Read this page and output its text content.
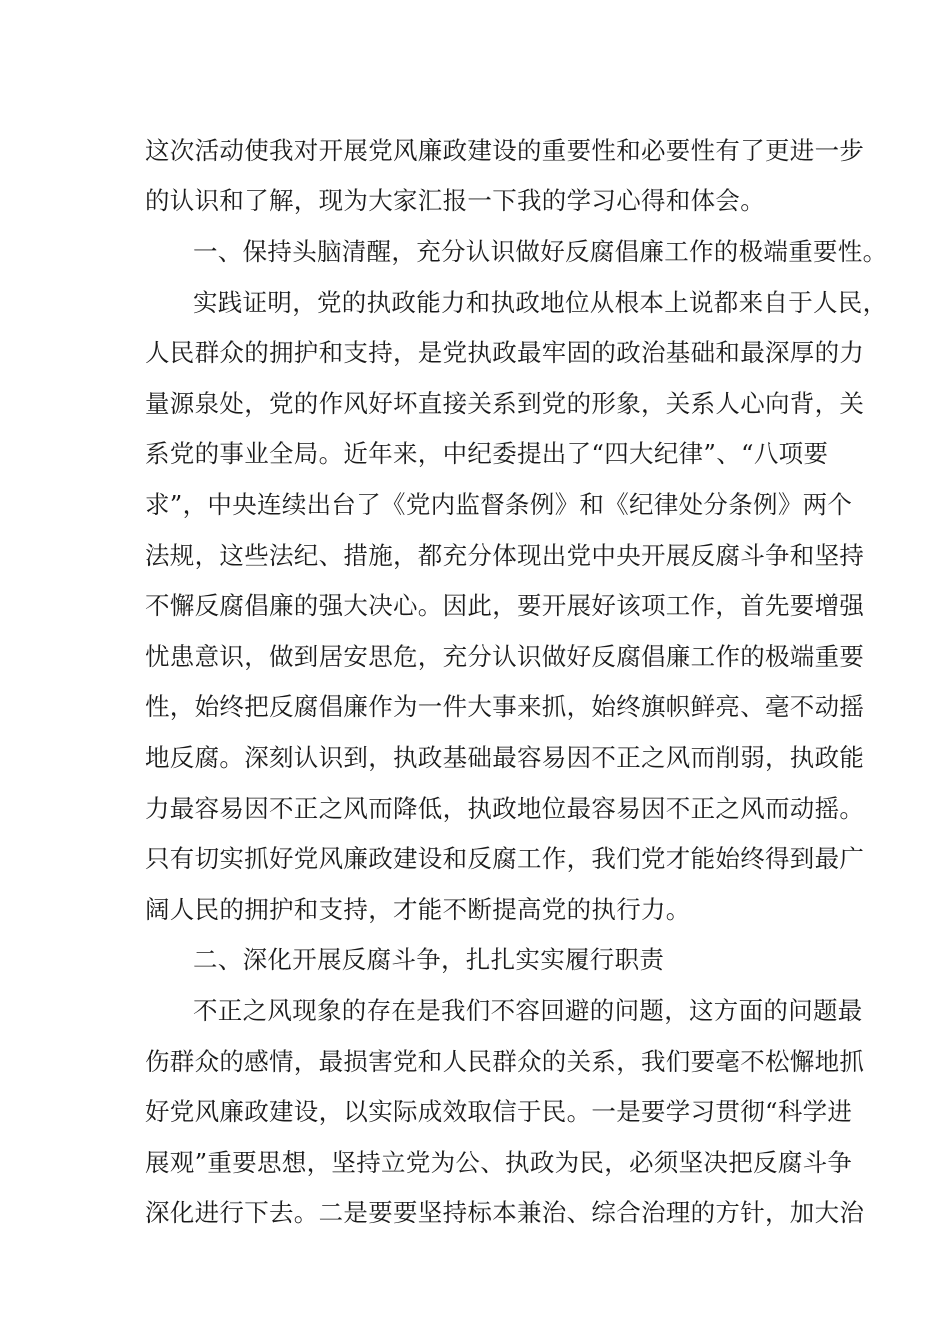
这次活动使我对开展党风廉政建设的重要性和必要性有了更进一步
的认识和了解，现为大家汇报一下我的学习心得和体会。
一、保持头脑清醒，充分认识做好反腐倡廉工作的极端重要性。
实践证明，党的执政能力和执政地位从根本上说都来自于人民，
人民群众的拥护和支持，是党执政最牢固的政治基础和最深厚的力
量源泉处，党的作风好坏直接关系到党的形象，关系人心向背，关
系党的事业全局。近年来，中纪委提出了“四大纪律”、“八项要
求”，中央连续出台了《党内监督条例》和《纪律处分条例》两个
法规，这些法纪、措施，都充分体现出党中央开展反腐斗争和坚持
不懈反腐倡廉的强大决心。因此，要开展好该项工作，首先要增强
忧患意识，做到居安思危，充分认识做好反腐倡廉工作的极端重要
性，始终把反腐倡廉作为一件大事来抓，始终旗帜鲜亮、毫不动摇
地反腐。深刻认识到，执政基础最容易因不正之风而削弱，执政能
力最容易因不正之风而降低，执政地位最容易因不正之风而动摇。
只有切实抓好党风廉政建设和反腐工作，我们党才能始终得到最广
阔人民的拥护和支持，才能不断提高党的执行力。
二、深化开展反腐斗争，扎扎实实履行职责
不正之风现象的存在是我们不容回避的问题，这方面的问题最
伤群众的感情，最损害党和人民群众的关系，我们要毫不松懈地抓
好党风廉政建设，以实际成效取信于民。一是要学习贯彻“科学进
展观”重要思想，坚持立党为公、执政为民，必须坚决把反腐斗争
深化进行下去。二是要要坚持标本兼治、综合治理的方针，加大治
